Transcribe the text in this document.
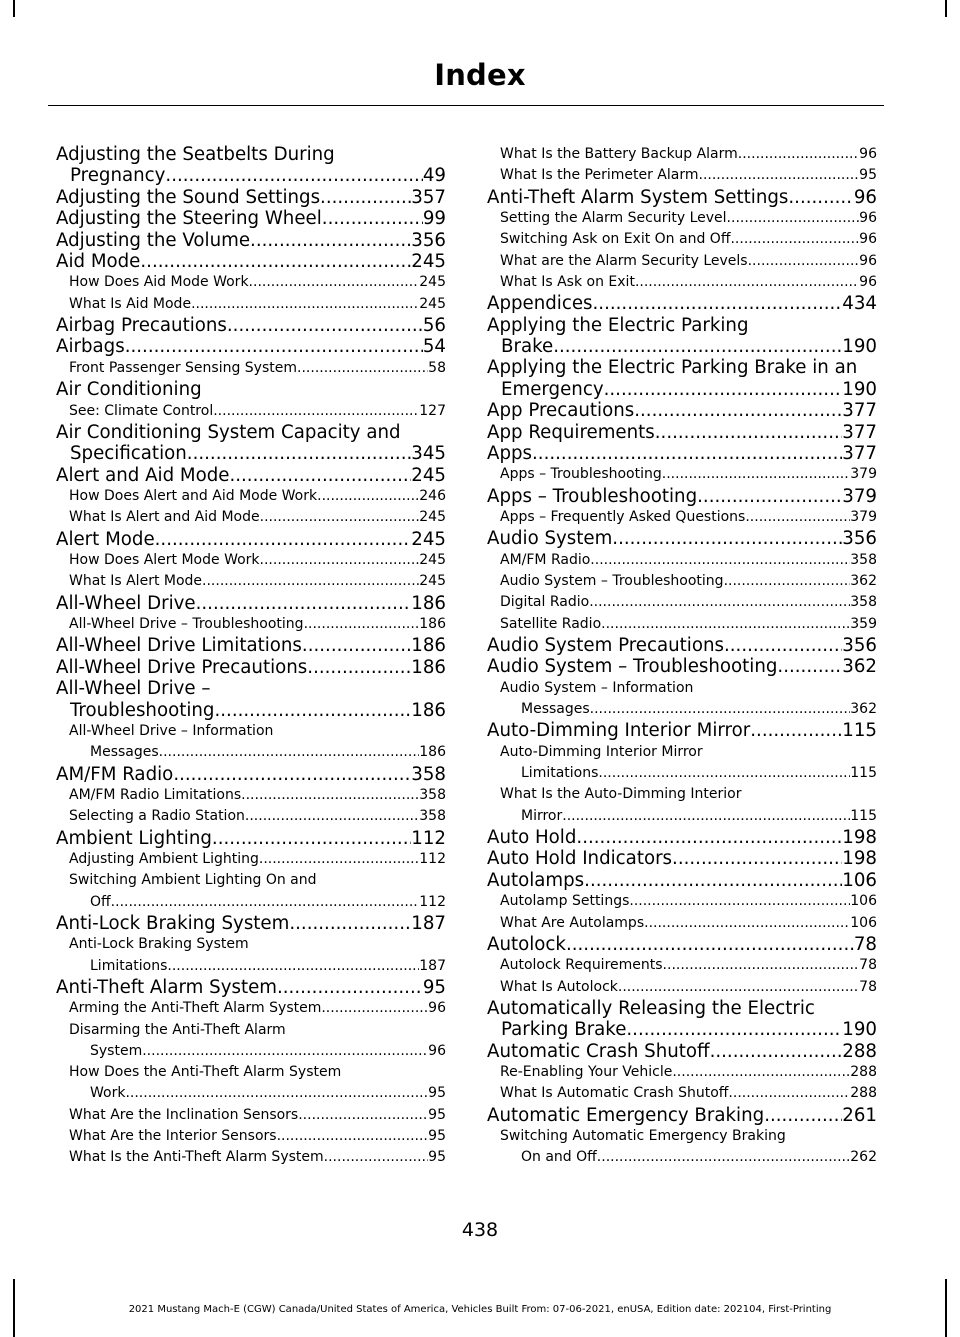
Index
Adjusting the Seatbelts During
Pregnancy .....	49
Adjusting the Sound Settings .....	357
Adjusting the Steering Wheel .....	99
Adjusting the Volume .....	356
Aid Mode .....	245
How Does Aid Mode Work .....	245
What Is Aid Mode .....	245
Airbag Precautions .....	56
Airbags .....	54
Front Passenger Sensing System .....	58
Air Conditioning
See: Climate Control .....	127
Air Conditioning System Capacity and
Specification .....	345
Alert and Aid Mode .....	245
How Does Alert and Aid Mode Work .....	246
What Is Alert and Aid Mode .....	245
Alert Mode .....	245
How Does Alert Mode Work .....	245
What Is Alert Mode .....	245
All-Wheel Drive .....	186
All-Wheel Drive – Troubleshooting .....	186
All-Wheel Drive Limitations .....	186
All-Wheel Drive Precautions .....	186
All-Wheel Drive –
Troubleshooting .....	186
All-Wheel Drive – Information
Messages .....	186
AM/FM Radio .....	358
AM/FM Radio Limitations .....	358
Selecting a Radio Station .....	358
Ambient Lighting .....	112
Adjusting Ambient Lighting .....	112
Switching Ambient Lighting On and
Off .....	112
Anti-Lock Braking System .....	187
Anti-Lock Braking System
Limitations .....	187
Anti-Theft Alarm System .....	95
Arming the Anti-Theft Alarm System .....	96
Disarming the Anti-Theft Alarm
System .....	96
How Does the Anti-Theft Alarm System
Work .....	95
What Are the Inclination Sensors .....	95
What Are the Interior Sensors .....	95
What Is the Anti-Theft Alarm System .....	95
What Is the Battery Backup Alarm .....	96
What Is the Perimeter Alarm .....	95
Anti-Theft Alarm System Settings .....	96
Setting the Alarm Security Level .....	96
Switching Ask on Exit On and Off .....	96
What are the Alarm Security Levels .....	96
What Is Ask on Exit .....	96
Appendices .....	434
Applying the Electric Parking
Brake .....	190
Applying the Electric Parking Brake in an
Emergency .....	190
App Precautions .....	377
App Requirements .....	377
Apps .....	377
Apps – Troubleshooting .....	379
Apps – Troubleshooting .....	379
Apps – Frequently Asked Questions .....	379
Audio System .....	356
AM/FM Radio .....	358
Audio System – Troubleshooting .....	362
Digital Radio .....	358
Satellite Radio .....	359
Audio System Precautions .....	356
Audio System – Troubleshooting .....	362
Audio System – Information
Messages .....	362
Auto-Dimming Interior Mirror .....	115
Auto-Dimming Interior Mirror
Limitations .....	115
What Is the Auto-Dimming Interior
Mirror .....	115
Auto Hold .....	198
Auto Hold Indicators .....	198
Autolamps .....	106
Autolamp Settings .....	106
What Are Autolamps .....	106
Autolock .....	78
Autolock Requirements .....	78
What Is Autolock .....	78
Automatically Releasing the Electric
Parking Brake .....	190
Automatic Crash Shutoff .....	288
Re-Enabling Your Vehicle .....	288
What Is Automatic Crash Shutoff .....	288
Automatic Emergency Braking .....	261
Switching Automatic Emergency Braking
On and Off .....	262
438
2021 Mustang Mach-E (CGW) Canada/United States of America, Vehicles Built From: 07-06-2021, enUSA, Edition date: 202104, First-Printing
